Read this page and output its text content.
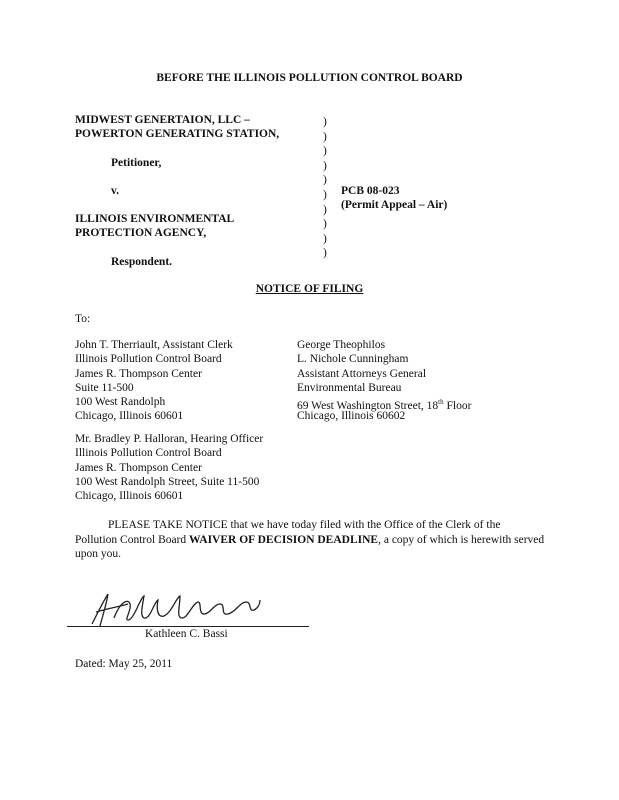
BEFORE THE ILLINOIS POLLUTION CONTROL BOARD
MIDWEST GENERTAION, LLC –
POWERTON GENERATING STATION,
Petitioner,
v.
ILLINOIS ENVIRONMENTAL
PROTECTION AGENCY,
Respondent.
)
)
)
)
)
)
)
)
)
)
PCB 08-023
(Permit Appeal – Air)
NOTICE OF FILING
To:
John T. Therriault, Assistant Clerk
Illinois Pollution Control Board
James R. Thompson Center
Suite 11-500
100 West Randolph
Chicago, Illinois 60601
George Theophilos
L. Nichole Cunningham
Assistant Attorneys General
Environmental Bureau
69 West Washington Street, 18th Floor
Chicago, Illinois 60602
Mr. Bradley P. Halloran, Hearing Officer
Illinois Pollution Control Board
James R. Thompson Center
100 West Randolph Street, Suite 11-500
Chicago, Illinois 60601
PLEASE TAKE NOTICE that we have today filed with the Office of the Clerk of the Pollution Control Board WAIVER OF DECISION DEADLINE, a copy of which is herewith served upon you.
Kathleen C. Bassi
Dated: May 25, 2011
